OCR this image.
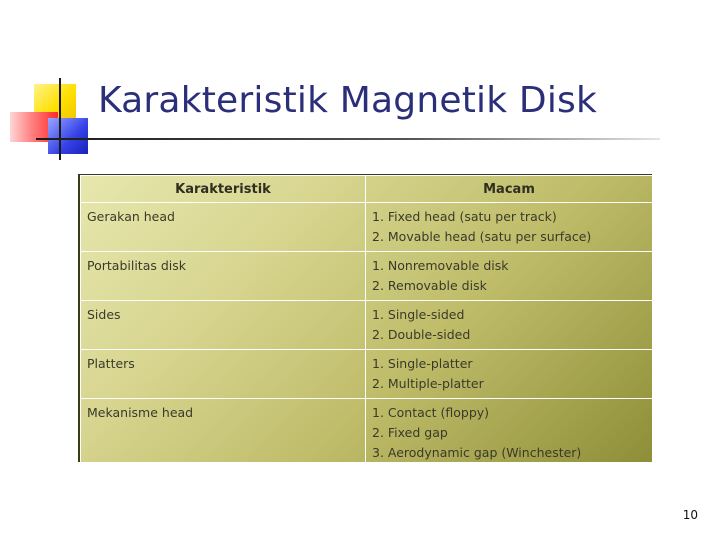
Karakteristik Magnetik Disk
Karakteristik	Macam
Gerakan head	1. Fixed head (satu per track)
2. Movable head (satu per surface)

Portabilitas disk	1. Nonremovable disk
2. Removable disk

Sides	1. Single-sided
2. Double-sided

Platters	1. Single-platter
2. Multiple-platter

Mekanisme head	1. Contact (floppy)
2. Fixed gap
3. Aerodynamic gap (Winchester)
10
